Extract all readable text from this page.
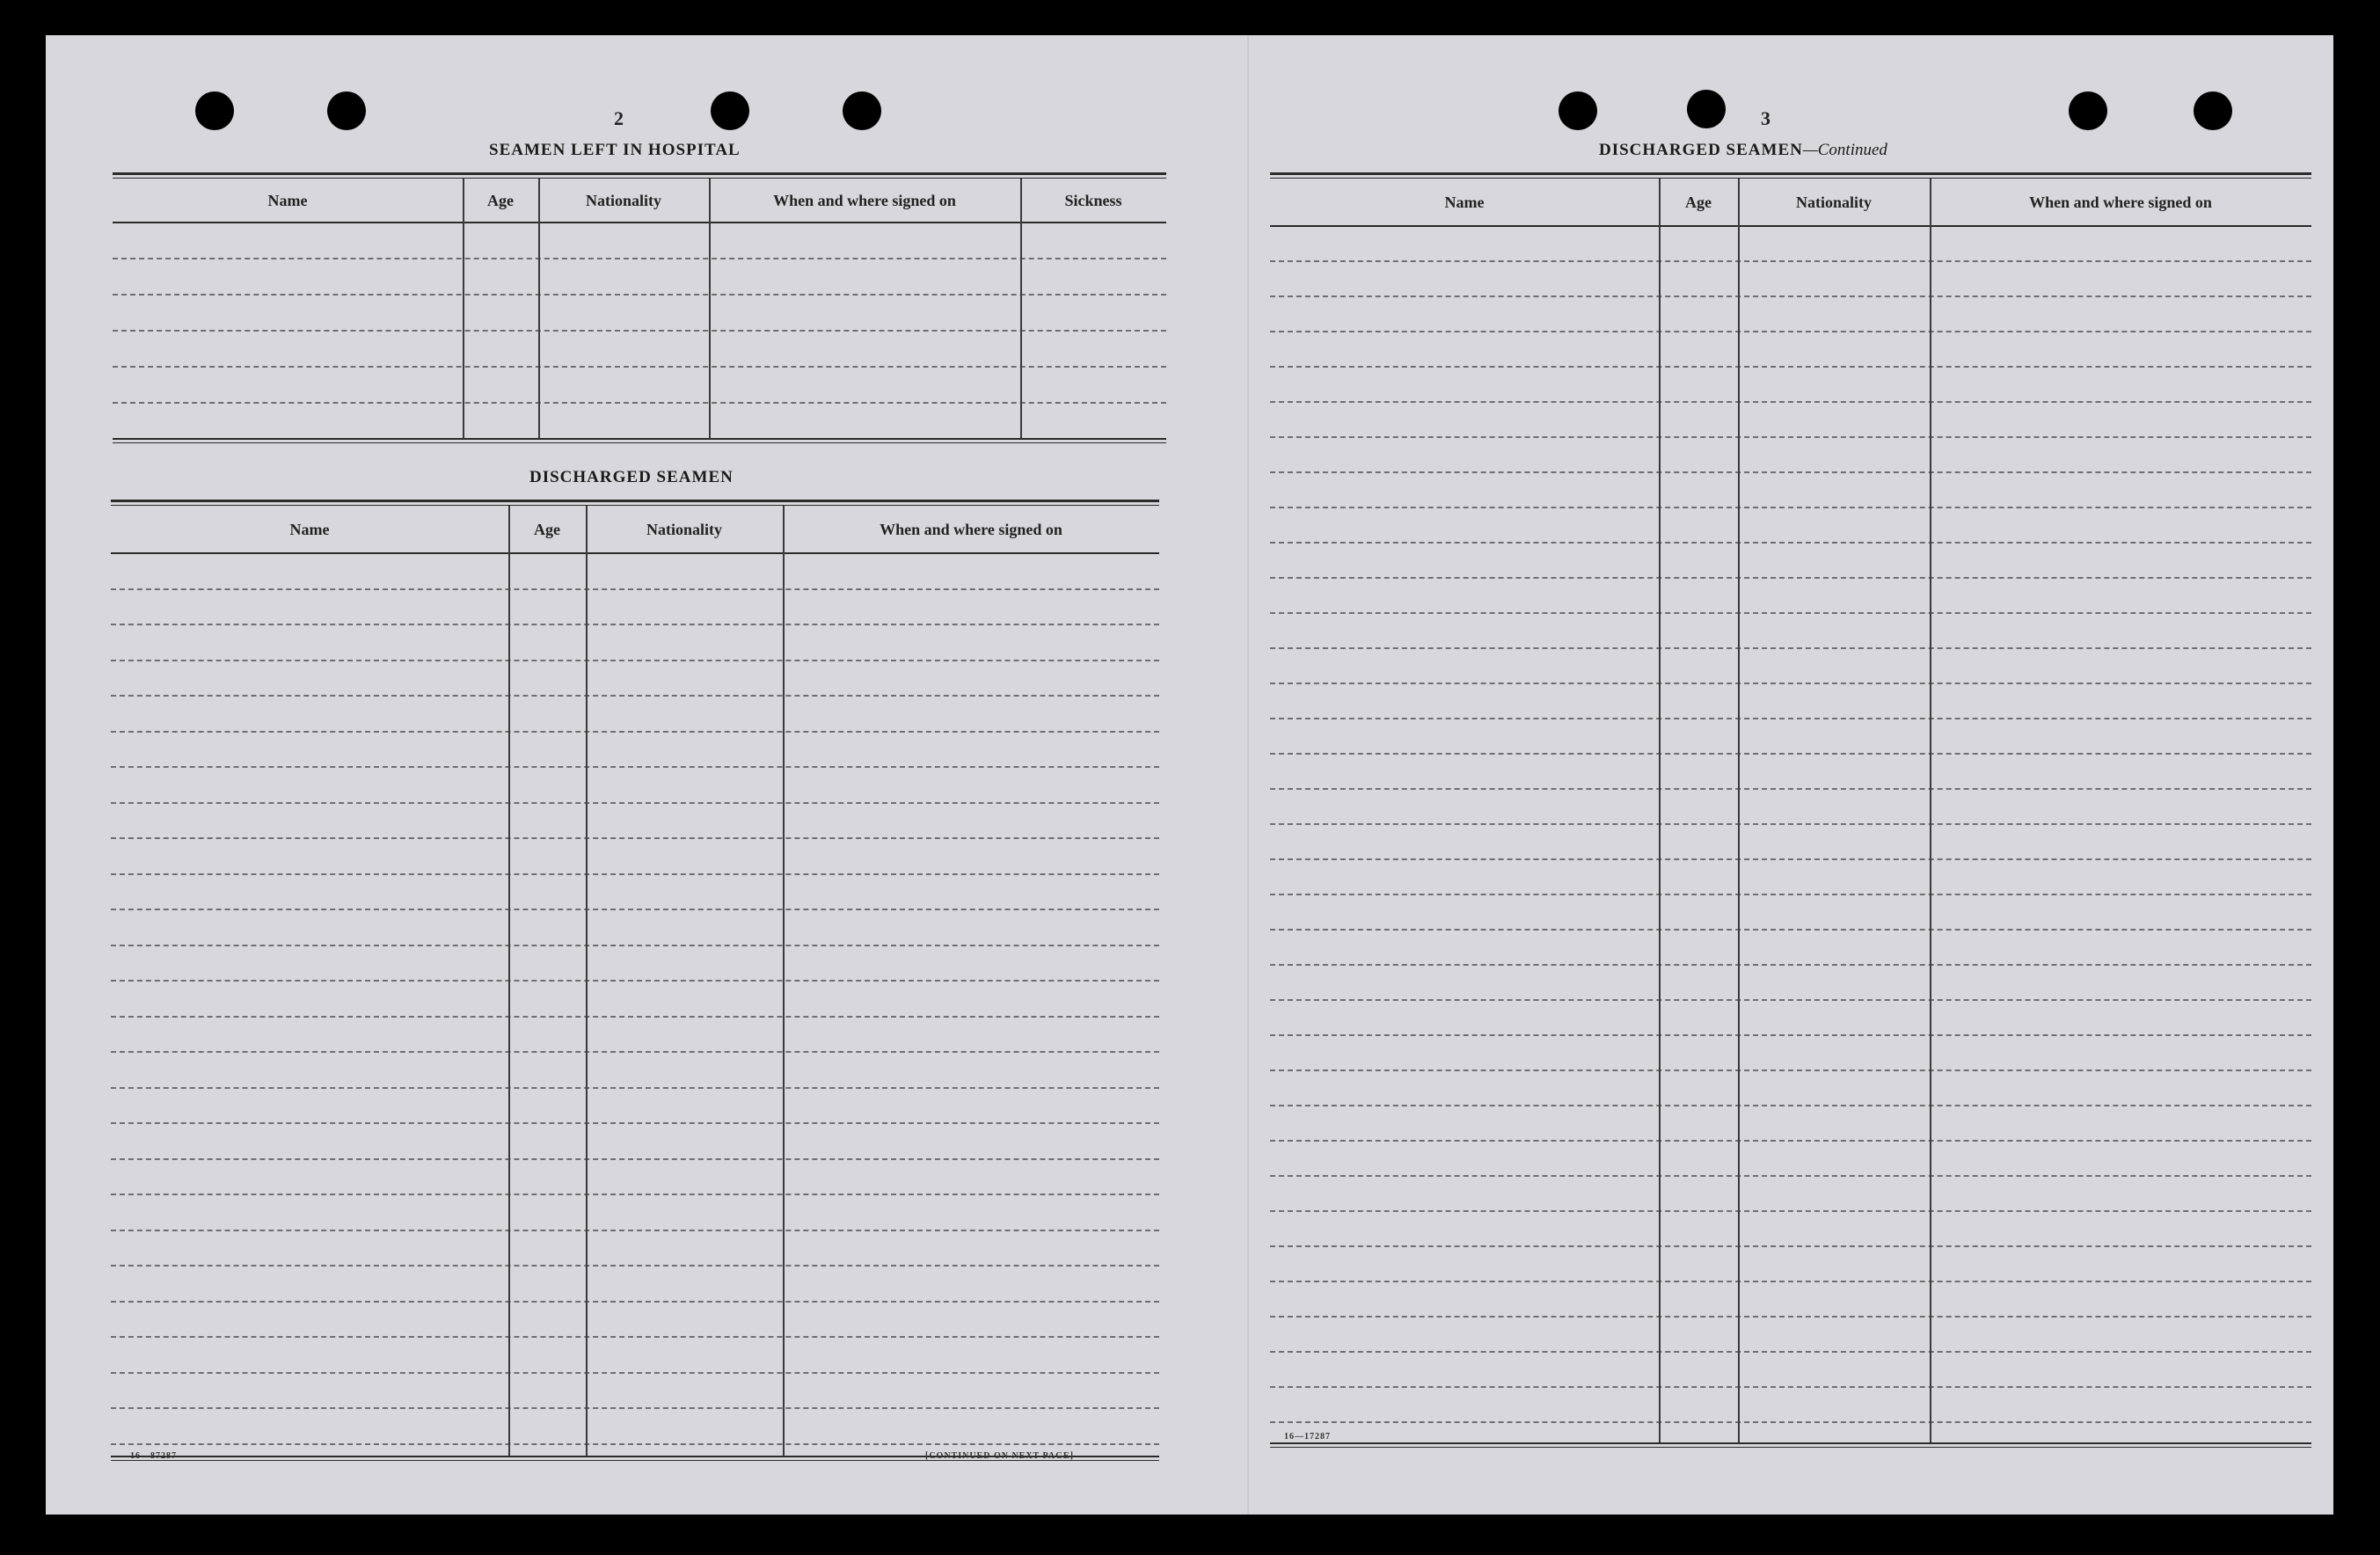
2
SEAMEN LEFT IN HOSPITAL
Name	Age	Nationality	When and where signed on	Sickness
DISCHARGED SEAMEN
Name	Age	Nationality	When and where signed on
16—87287	[CONTINUED ON NEXT PAGE]
3
DISCHARGED SEAMEN—Continued
Name	Age	Nationality	When and where signed on
16—17287
